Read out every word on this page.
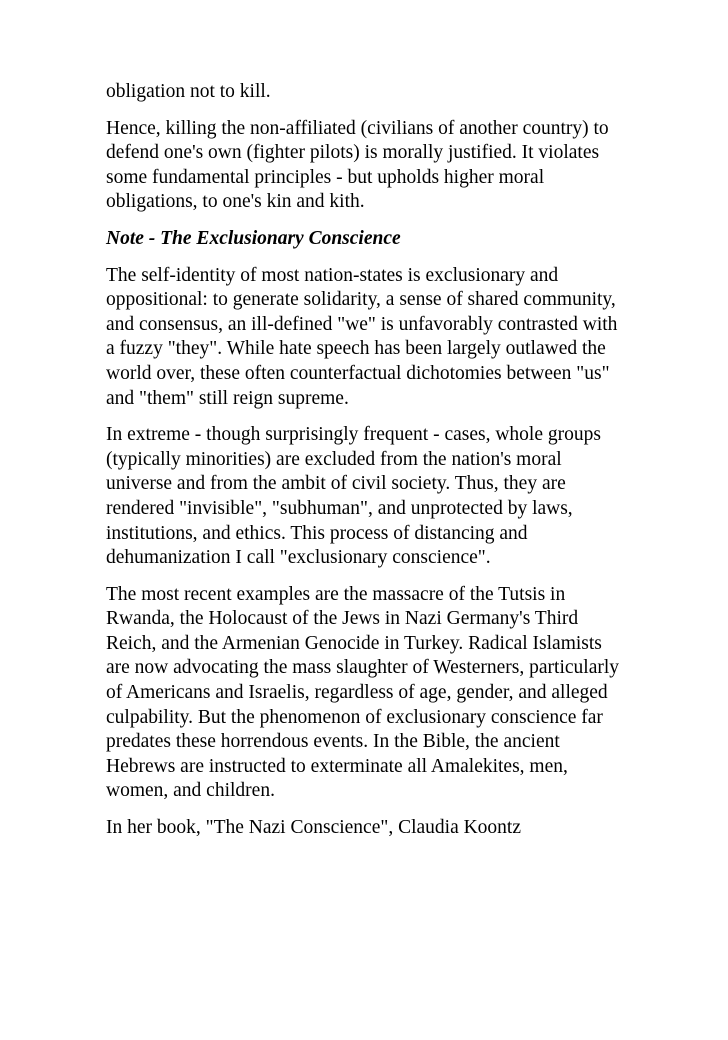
obligation not to kill.

Hence, killing the non-affiliated (civilians of another country) to defend one's own (fighter pilots) is morally justified. It violates some fundamental principles - but upholds higher moral obligations, to one's kin and kith.

Note - The Exclusionary Conscience

The self-identity of most nation-states is exclusionary and oppositional: to generate solidarity, a sense of shared community, and consensus, an ill-defined "we" is unfavorably contrasted with a fuzzy "they". While hate speech has been largely outlawed the world over, these often counterfactual dichotomies between "us" and "them" still reign supreme.

In extreme - though surprisingly frequent - cases, whole groups (typically minorities) are excluded from the nation's moral universe and from the ambit of civil society. Thus, they are rendered "invisible", "subhuman", and unprotected by laws, institutions, and ethics. This process of distancing and dehumanization I call "exclusionary conscience".

The most recent examples are the massacre of the Tutsis in Rwanda, the Holocaust of the Jews in Nazi Germany's Third Reich, and the Armenian Genocide in Turkey. Radical Islamists are now advocating the mass slaughter of Westerners, particularly of Americans and Israelis, regardless of age, gender, and alleged culpability. But the phenomenon of exclusionary conscience far predates these horrendous events. In the Bible, the ancient Hebrews are instructed to exterminate all Amalekites, men, women, and children.

In her book, "The Nazi Conscience", Claudia Koontz
